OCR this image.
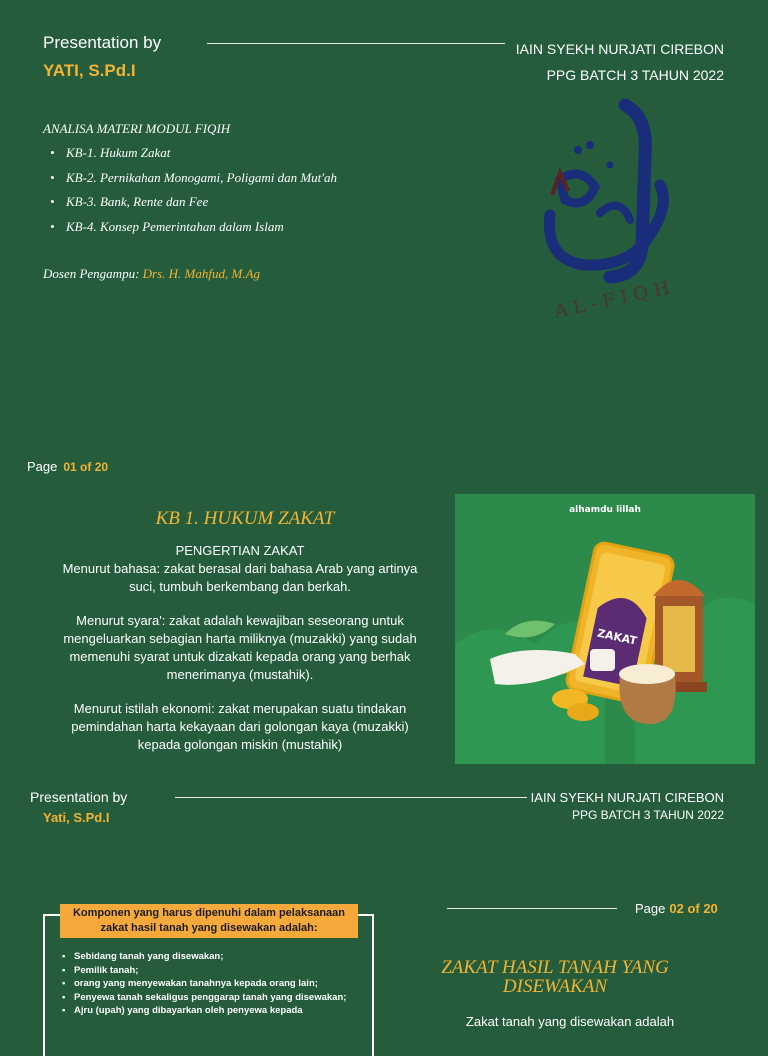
Presentation by
YATI, S.Pd.I
IAIN SYEKH NURJATI CIREBON
PPG BATCH 3 TAHUN 2022
ANALISA MATERI MODUL FIQIH
• KB-1. Hukum Zakat
• KB-2. Pernikahan Monogami, Poligami dan Mut'ah
• KB-3. Bank, Rente dan Fee
• KB-4. Konsep Pemerintahan dalam Islam
Dosen Pengampu: Drs. H. Mahfud, M.Ag
Page 01 of 20
AL-FIQH
KB 1. HUKUM ZAKAT
PENGERTIAN ZAKAT

Menurut bahasa: zakat berasal dari bahasa Arab yang artinya suci, tumbuh berkembang dan berkah.

Menurut syara': zakat adalah kewajiban seseorang untuk mengeluarkan sebagian harta miliknya (muzakki) yang sudah memenuhi syarat untuk dizakati kepada orang yang berhak menerimanya (mustahik).

Menurut istilah ekonomi: zakat merupakan suatu tindakan pemindahan harta kekayaan dari golongan kaya (muzakki) kepada golongan miskin (mustahik)

alhamdu lillah
ZAKAT
Presentation by
Yati, S.Pd.I
IAIN SYEKH NURJATI CIREBON
PPG BATCH 3 TAHUN 2022
Komponen yang harus dipenuhi dalam pelaksanaan zakat hasil tanah yang disewakan adalah:
• Sebidang tanah yang disewakan;
• Pemilik tanah;
• orang yang menyewakan tanahnya kepada orang lain;
• Penyewa tanah sekaligus penggarap tanah yang disewakan;
• Ajru (upah) yang dibayarkan oleh penyewa kepada
Page 02 of 20
ZAKAT HASIL TANAH YANG DISEWAKAN
Zakat tanah yang disewakan adalah
